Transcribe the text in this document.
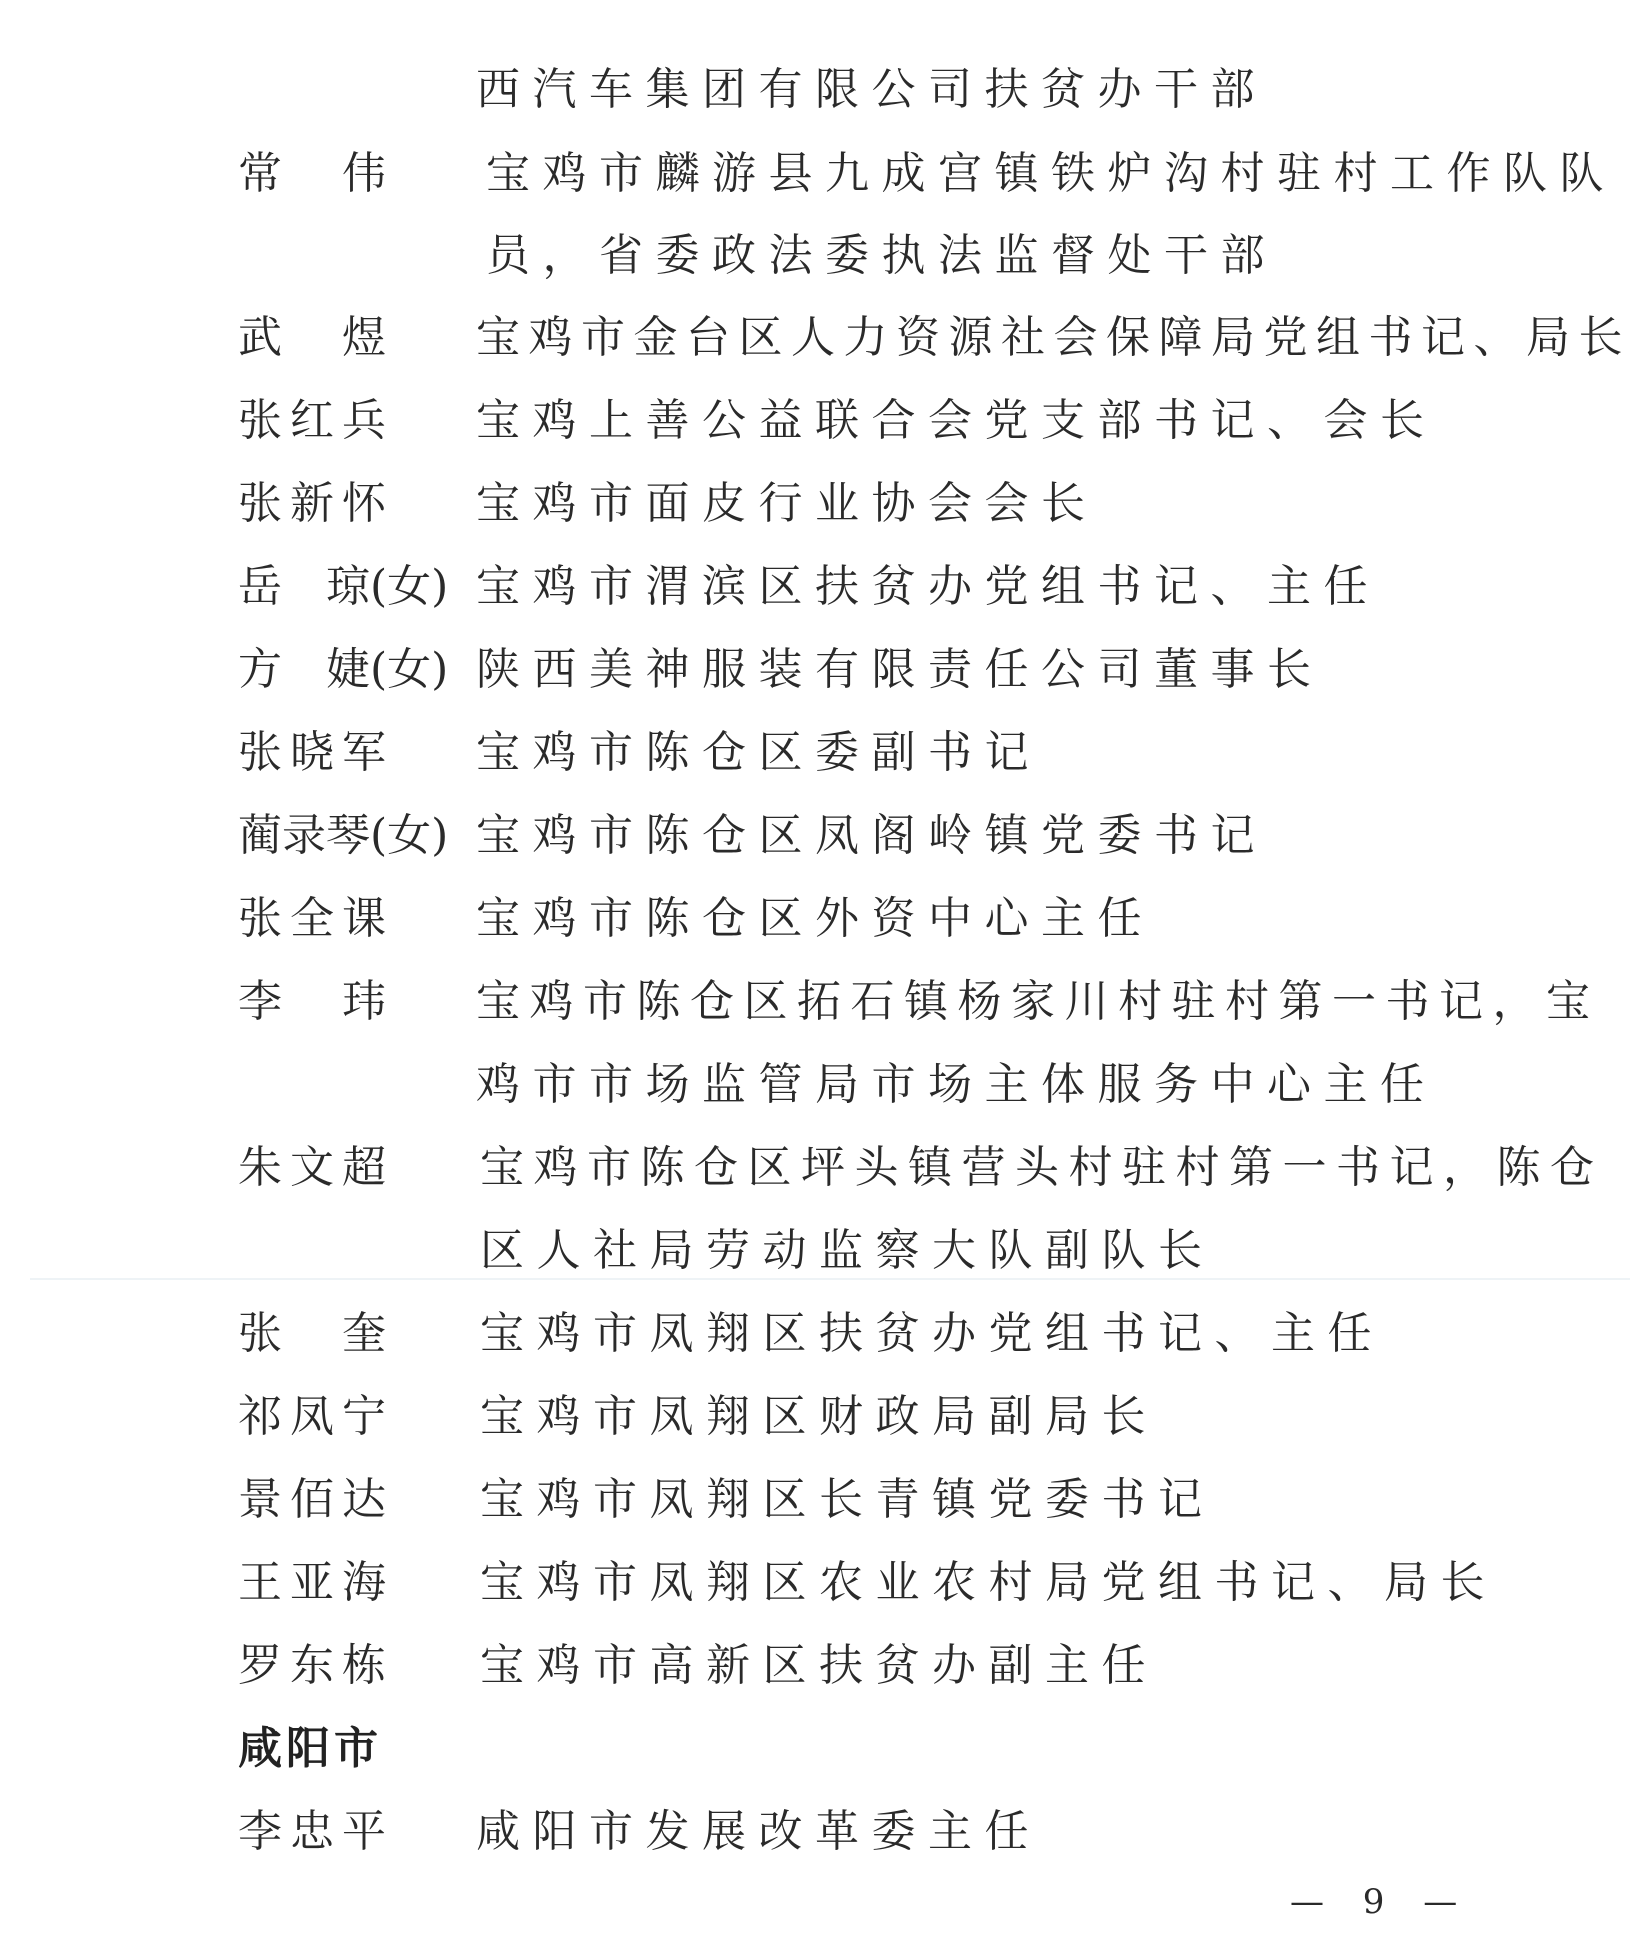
西汽车集团有限公司扶贫办干部
常　伟 宝鸡市麟游县九成宫镇铁炉沟村驻村工作队队
员，省委政法委执法监督处干部
武　煜 宝鸡市金台区人力资源社会保障局党组书记、局长
张红兵 宝鸡上善公益联合会党支部书记、会长
张新怀 宝鸡市面皮行业协会会长
岳　琼(女) 宝鸡市渭滨区扶贫办党组书记、主任
方　婕(女) 陕西美神服装有限责任公司董事长
张晓军 宝鸡市陈仓区委副书记
蔺录琴(女) 宝鸡市陈仓区凤阁岭镇党委书记
张全课 宝鸡市陈仓区外资中心主任
李　玮 宝鸡市陈仓区拓石镇杨家川村驻村第一书记，宝
鸡市市场监管局市场主体服务中心主任
朱文超 宝鸡市陈仓区坪头镇营头村驻村第一书记，陈仓
区人社局劳动监察大队副队长
张　奎 宝鸡市凤翔区扶贫办党组书记、主任
祁凤宁 宝鸡市凤翔区财政局副局长
景佰达 宝鸡市凤翔区长青镇党委书记
王亚海 宝鸡市凤翔区农业农村局党组书记、局长
罗东栋 宝鸡市高新区扶贫办副主任
咸阳市
李忠平 咸阳市发展改革委主任
— 9 —
